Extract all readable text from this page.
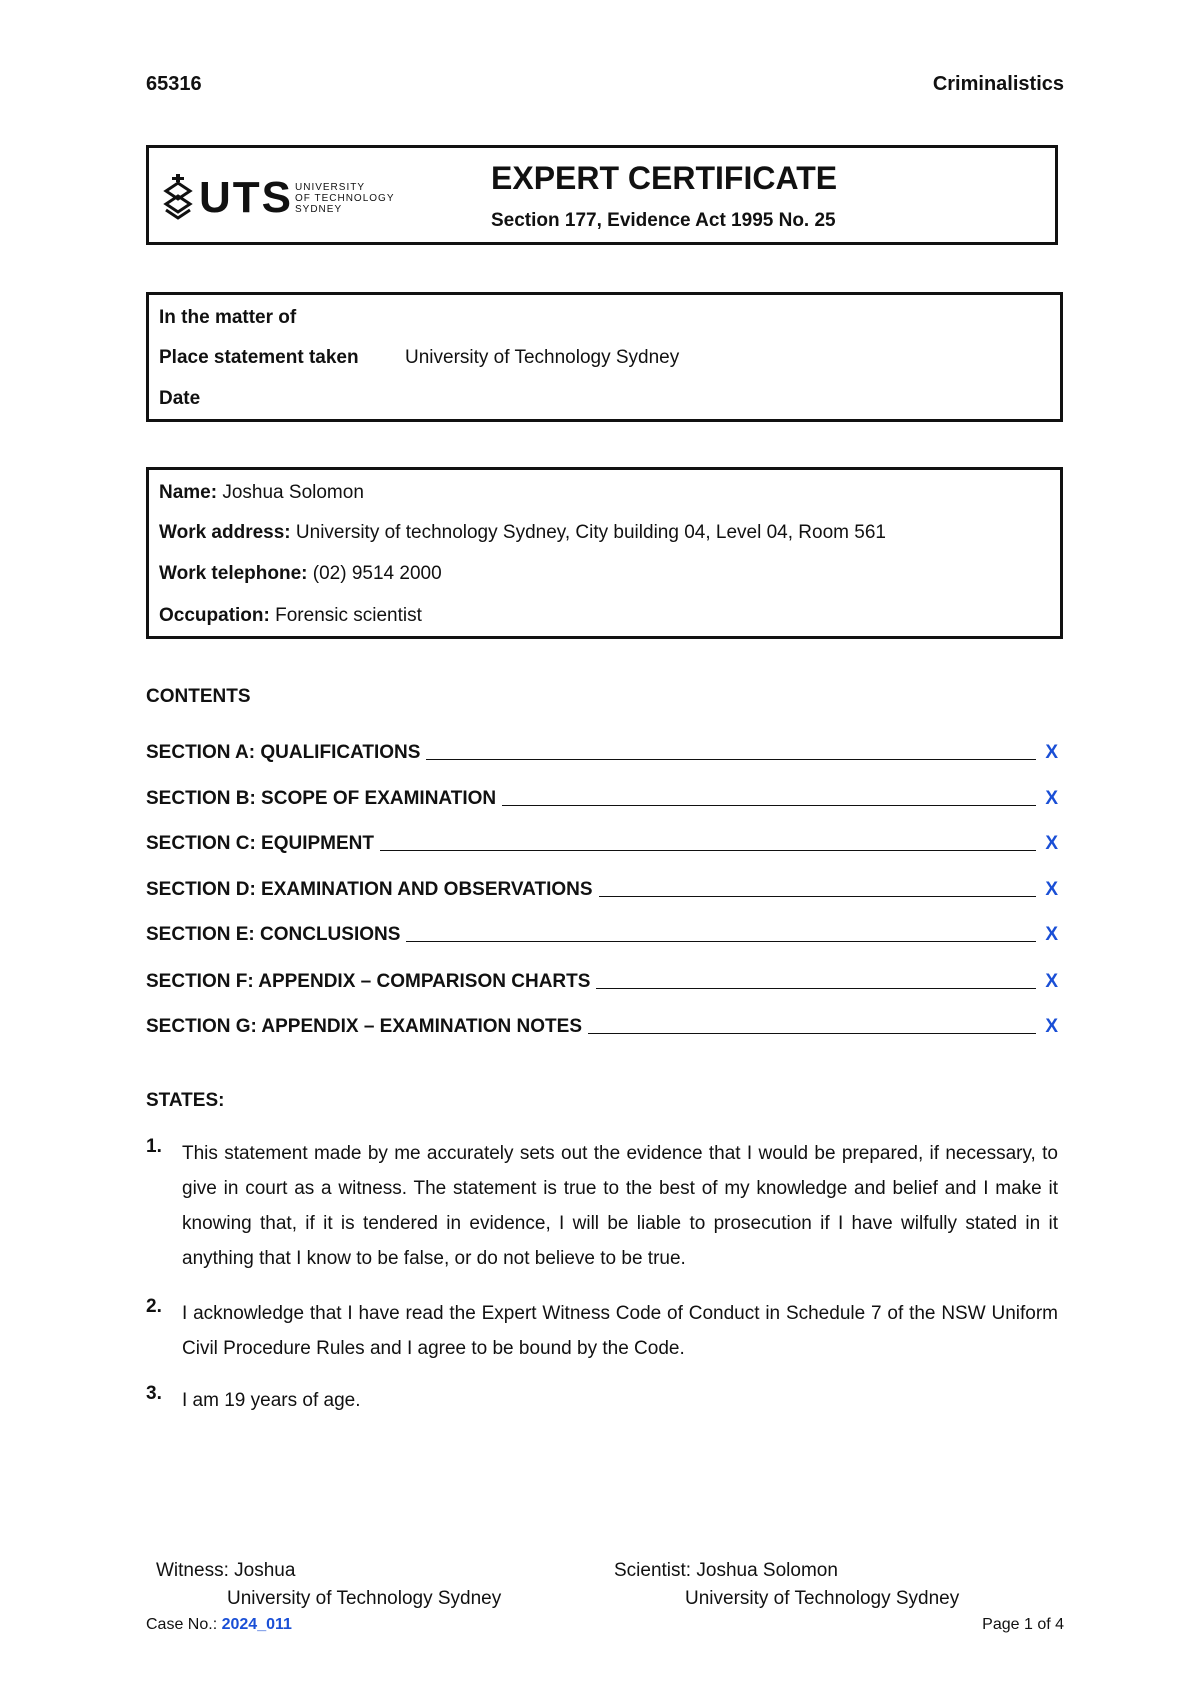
65316	Criminalistics
UTS UNIVERSITY
OF TECHNOLOGY
SYDNEY
EXPERT CERTIFICATE
Section 177, Evidence Act 1995 No. 25
In the matter of
Place statement taken University of Technology Sydney
Date
Name: Joshua Solomon
Work address: University of technology Sydney, City building 04, Level 04, Room 561
Work telephone: (02) 9514 2000
Occupation: Forensic scientist
CONTENTS
SECTION A: QUALIFICATIONS	X
SECTION B: SCOPE OF EXAMINATION	X
SECTION C: EQUIPMENT	X
SECTION D: EXAMINATION AND OBSERVATIONS	X
SECTION E: CONCLUSIONS	X
SECTION F: APPENDIX – COMPARISON CHARTS	X
SECTION G: APPENDIX – EXAMINATION NOTES	X
STATES:
1. This statement made by me accurately sets out the evidence that I would be prepared, if necessary, to give in court as a witness. The statement is true to the best of my knowledge and belief and I make it knowing that, if it is tendered in evidence, I will be liable to prosecution if I have wilfully stated in it anything that I know to be false, or do not believe to be true.
2. I acknowledge that I have read the Expert Witness Code of Conduct in Schedule 7 of the NSW Uniform Civil Procedure Rules and I agree to be bound by the Code.
3. I am 19 years of age.
Witness: Joshua
University of Technology Sydney
Scientist: Joshua Solomon
University of Technology Sydney
Case No.: 2024_011	Page 1 of 4
